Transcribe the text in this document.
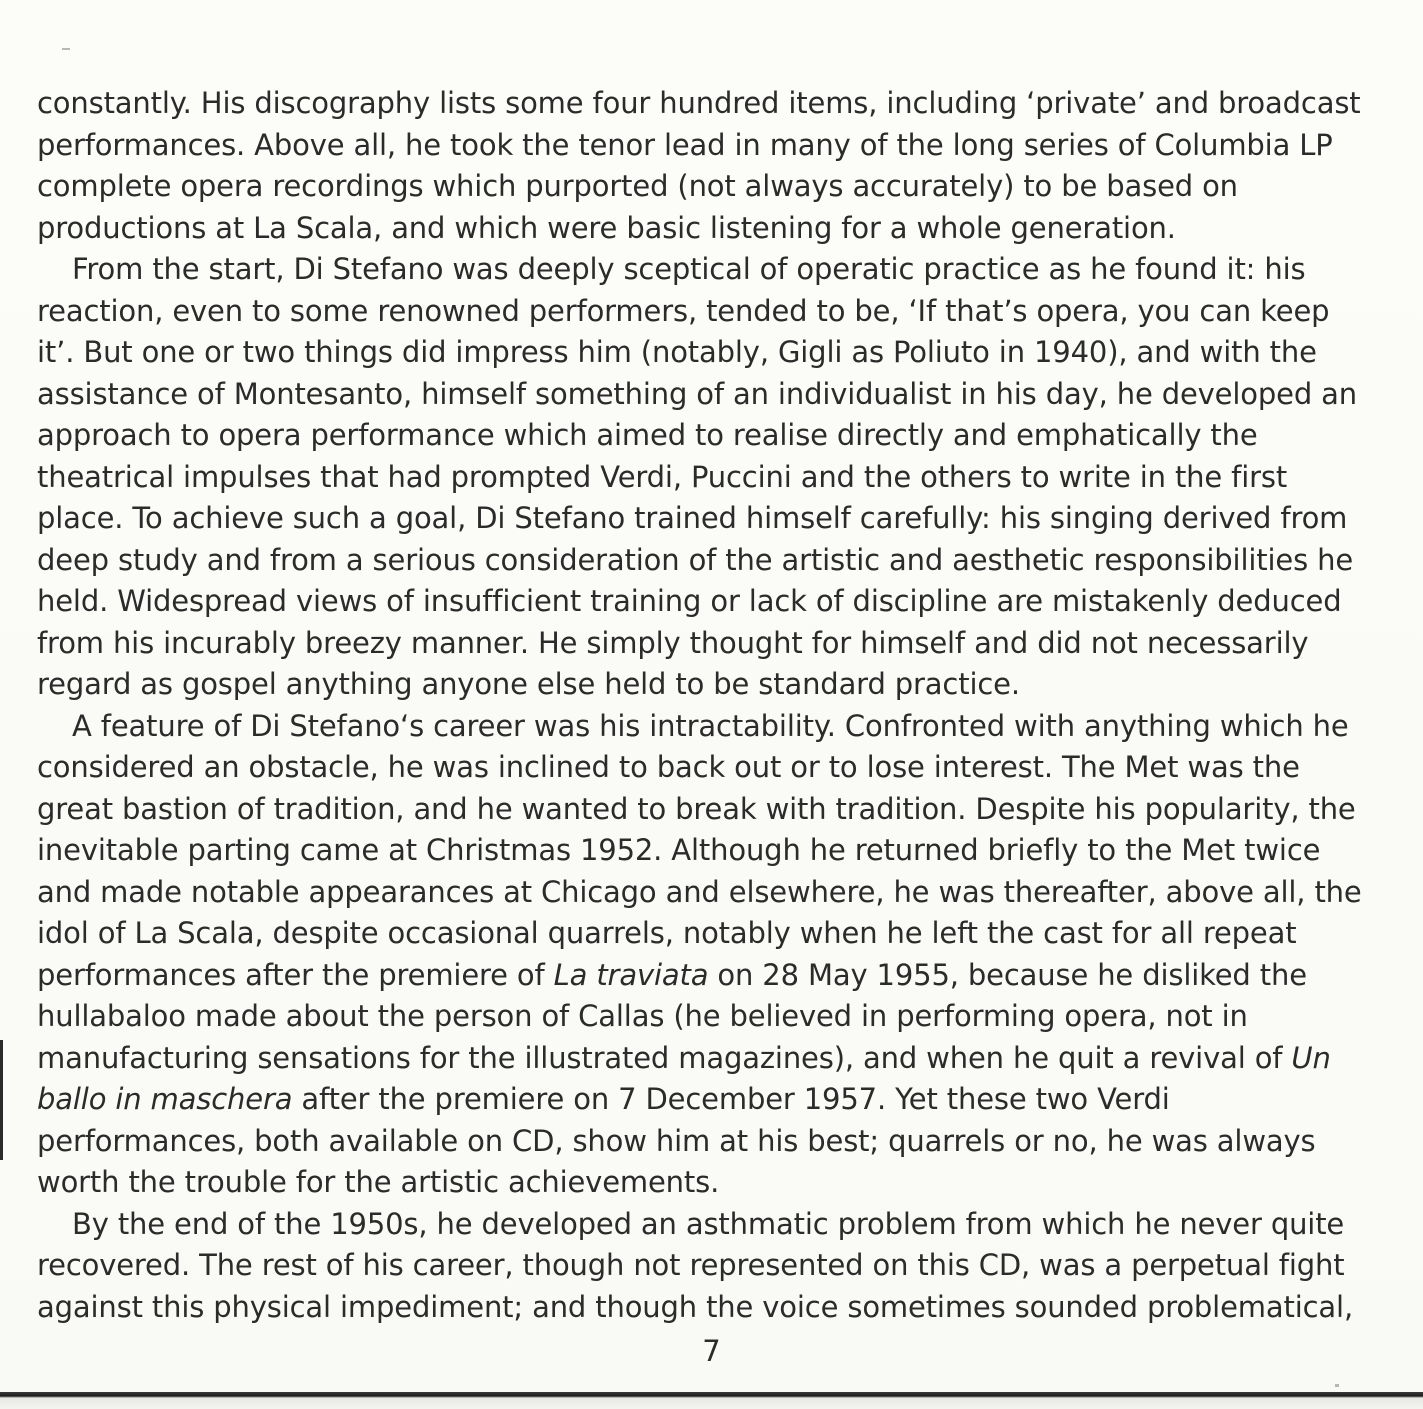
constantly. His discography lists some four hundred items, including ‘private’ and broadcast
performances. Above all, he took the tenor lead in many of the long series of Columbia LP
complete opera recordings which purported (not always accurately) to be based on
productions at La Scala, and which were basic listening for a whole generation.
From the start, Di Stefano was deeply sceptical of operatic practice as he found it: his
reaction, even to some renowned performers, tended to be, ‘If that’s opera, you can keep
it’. But one or two things did impress him (notably, Gigli as Poliuto in 1940), and with the
assistance of Montesanto, himself something of an individualist in his day, he developed an
approach to opera performance which aimed to realise directly and emphatically the
theatrical impulses that had prompted Verdi, Puccini and the others to write in the first
place. To achieve such a goal, Di Stefano trained himself carefully: his singing derived from
deep study and from a serious consideration of the artistic and aesthetic responsibilities he
held. Widespread views of insufficient training or lack of discipline are mistakenly deduced
from his incurably breezy manner. He simply thought for himself and did not necessarily
regard as gospel anything anyone else held to be standard practice.
A feature of Di Stefano‘s career was his intractability. Confronted with anything which he
considered an obstacle, he was inclined to back out or to lose interest. The Met was the
great bastion of tradition, and he wanted to break with tradition. Despite his popularity, the
inevitable parting came at Christmas 1952. Although he returned briefly to the Met twice
and made notable appearances at Chicago and elsewhere, he was thereafter, above all, the
idol of La Scala, despite occasional quarrels, notably when he left the cast for all repeat
performances after the premiere of La traviata on 28 May 1955, because he disliked the
hullabaloo made about the person of Callas (he believed in performing opera, not in
manufacturing sensations for the illustrated magazines), and when he quit a revival of Un
ballo in maschera after the premiere on 7 December 1957. Yet these two Verdi
performances, both available on CD, show him at his best; quarrels or no, he was always
worth the trouble for the artistic achievements.
By the end of the 1950s, he developed an asthmatic problem from which he never quite
recovered. The rest of his career, though not represented on this CD, was a perpetual fight
against this physical impediment; and though the voice sometimes sounded problematical,
7
